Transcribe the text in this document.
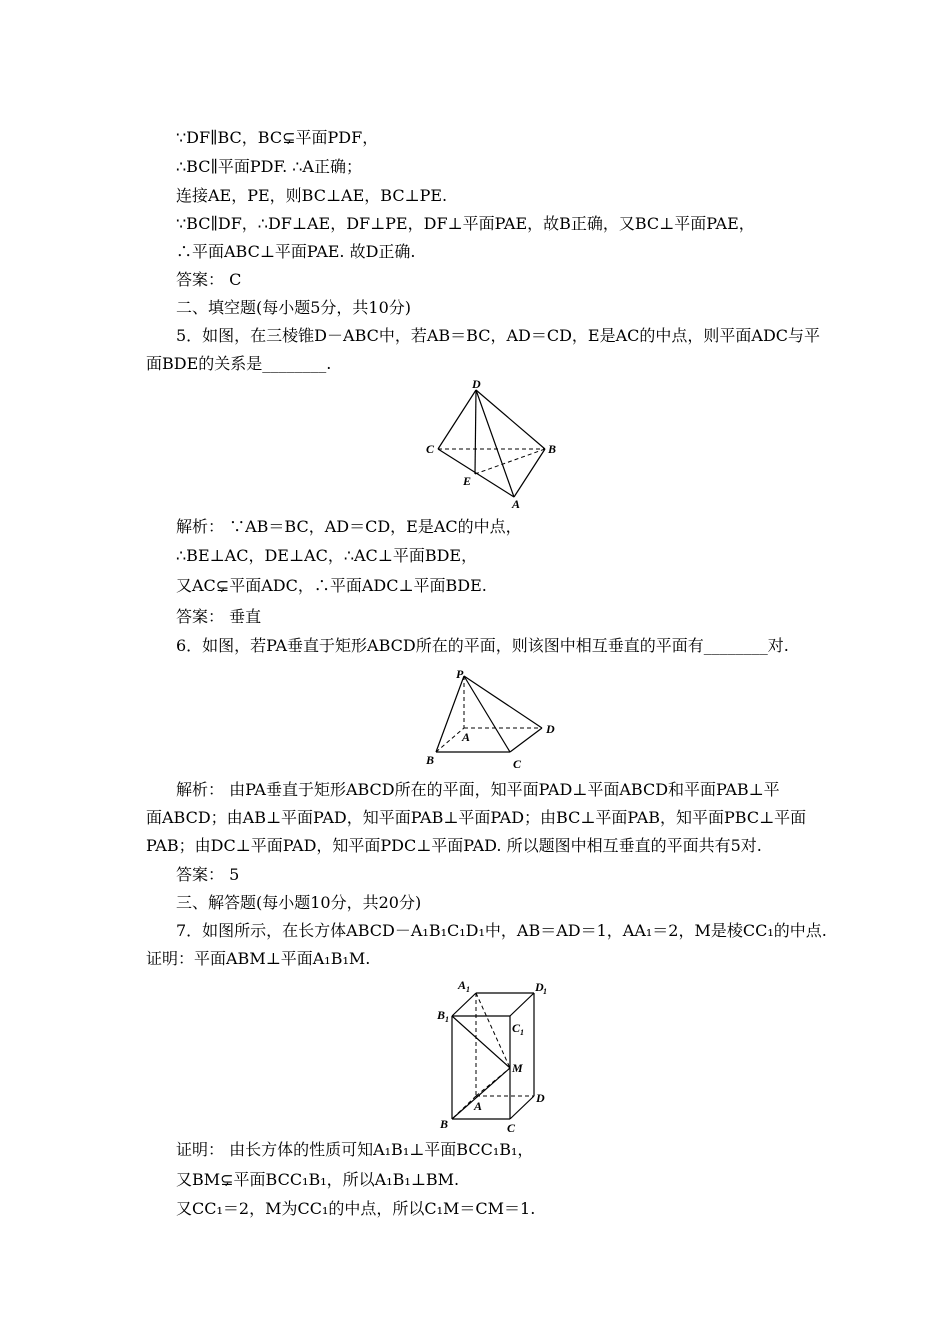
∵DF∥BC，BC⊊平面PDF，
∴BC∥平面PDF. ∴A正确；
连接AE，PE，则BC⊥AE，BC⊥PE.
∵BC∥DF，∴DF⊥AE，DF⊥PE，DF⊥平面PAE，故B正确，又BC⊥平面PAE，
∴平面ABC⊥平面PAE. 故D正确.
答案： C
二、填空题(每小题5分，共10分)
5．如图，在三棱锥D－ABC中，若AB＝BC，AD＝CD，E是AC的中点，则平面ADC与平
面BDE的关系是________.
D
C	B
E
A
解析： ∵AB＝BC，AD＝CD，E是AC的中点，
∴BE⊥AC，DE⊥AC，∴AC⊥平面BDE，
又AC⊊平面ADC，∴平面ADC⊥平面BDE.
答案： 垂直
6．如图，若PA垂直于矩形ABCD所在的平面，则该图中相互垂直的平面有________对.
P
A
D
B	C
解析： 由PA垂直于矩形ABCD所在的平面，知平面PAD⊥平面ABCD和平面PAB⊥平
面ABCD；由AB⊥平面PAD，知平面PAB⊥平面PAD；由BC⊥平面PAB，知平面PBC⊥平面
PAB；由DC⊥平面PAD，知平面PDC⊥平面PAD. 所以题图中相互垂直的平面共有5对.
答案： 5
三、解答题(每小题10分，共20分)
7．如图所示，在长方体ABCD－A₁B₁C₁D₁中，AB＝AD＝1，AA₁＝2，M是棱CC₁的中点.
证明：平面ABM⊥平面A₁B₁M.
A 1	D 1
B 1
C 1
M
A
D
B	C
证明： 由长方体的性质可知A₁B₁⊥平面BCC₁B₁，
又BM⊊平面BCC₁B₁，所以A₁B₁⊥BM.
又CC₁＝2，M为CC₁的中点，所以C₁M＝CM＝1.
